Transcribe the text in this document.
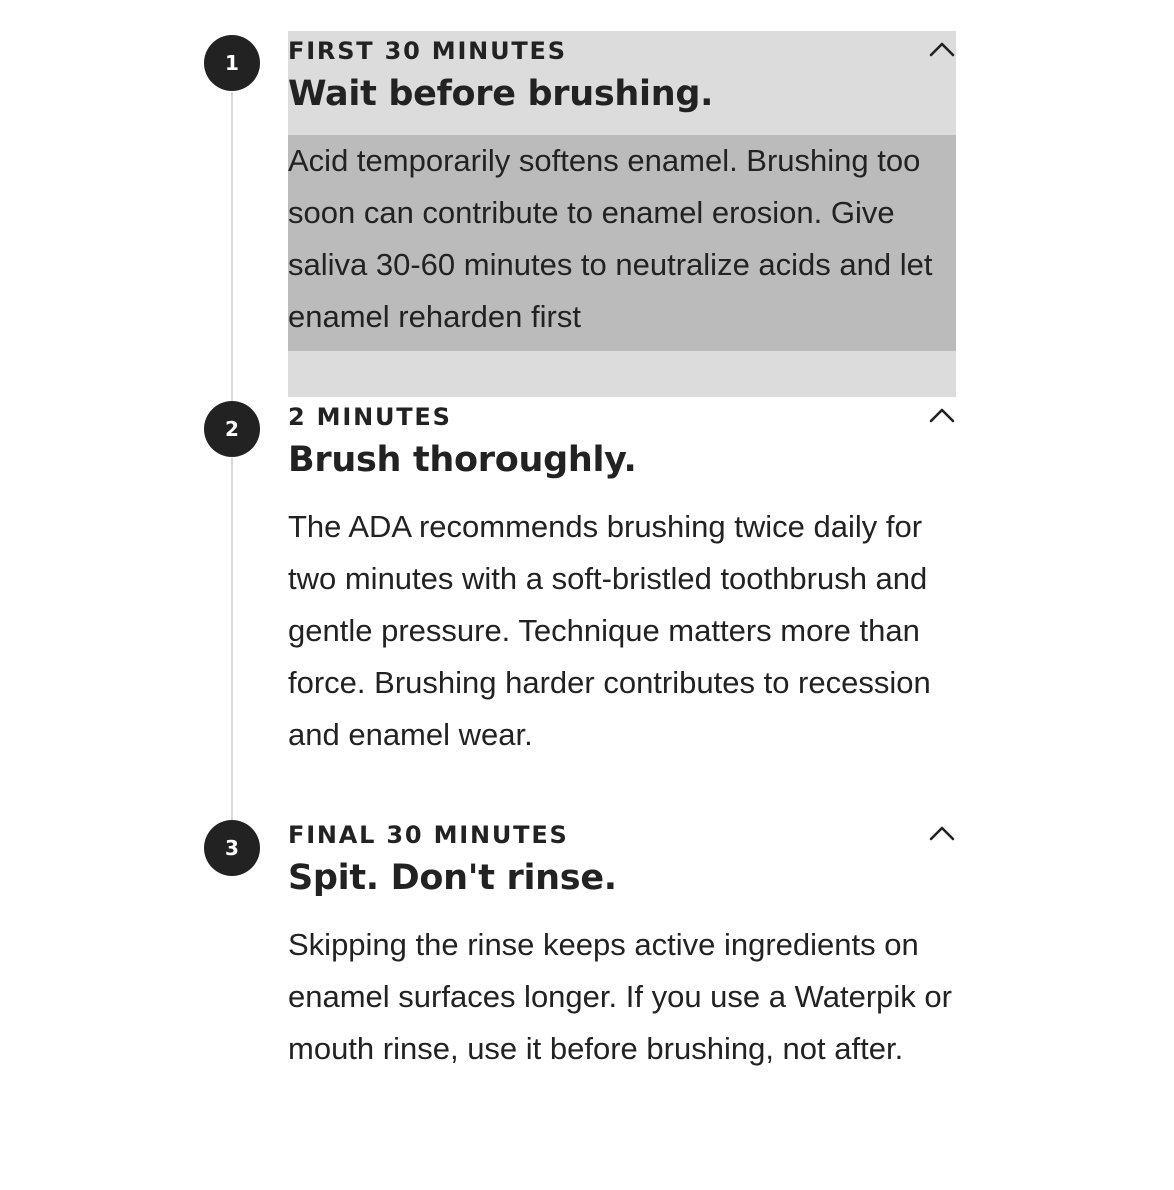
1 FIRST 30 MINUTES
Wait before brushing.
Acid temporarily softens enamel. Brushing too soon can contribute to enamel erosion. Give saliva 30-60 minutes to neutralize acids and let enamel reharden first
2 2 MINUTES
Brush thoroughly.
The ADA recommends brushing twice daily for two minutes with a soft-bristled toothbrush and gentle pressure. Technique matters more than force. Brushing harder contributes to recession and enamel wear.
3 FINAL 30 MINUTES
Spit. Don't rinse.
Skipping the rinse keeps active ingredients on enamel surfaces longer. If you use a Waterpik or mouth rinse, use it before brushing, not after.
